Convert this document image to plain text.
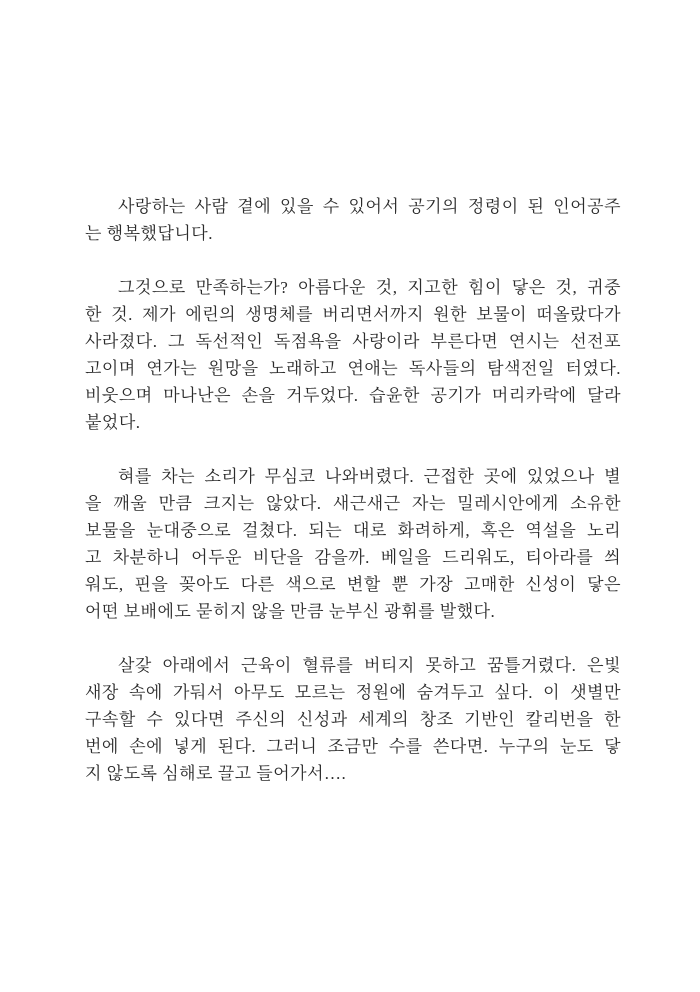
사랑하는 사람 곁에 있을 수 있어서 공기의 정령이 된 인어공주
는 행복했답니다.
그것으로 만족하는가? 아름다운 것, 지고한 힘이 닿은 것, 귀중
한 것. 제가 에린의 생명체를 버리면서까지 원한 보물이 떠올랐다가
사라졌다. 그 독선적인 독점욕을 사랑이라 부른다면 연시는 선전포
고이며 연가는 원망을 노래하고 연애는 독사들의 탐색전일 터였다.
비웃으며 마나난은 손을 거두었다. 습윤한 공기가 머리카락에 달라
붙었다.
혀를 차는 소리가 무심코 나와버렸다. 근접한 곳에 있었으나 별
을 깨울 만큼 크지는 않았다. 새근새근 자는 밀레시안에게 소유한
보물을 눈대중으로 걸쳤다. 되는 대로 화려하게, 혹은 역설을 노리
고 차분하니 어두운 비단을 감을까. 베일을 드리워도, 티아라를 씌
워도, 핀을 꽂아도 다른 색으로 변할 뿐 가장 고매한 신성이 닿은
어떤 보배에도 묻히지 않을 만큼 눈부신 광휘를 발했다.
살갗 아래에서 근육이 혈류를 버티지 못하고 꿈틀거렸다. 은빛
새장 속에 가둬서 아무도 모르는 정원에 숨겨두고 싶다. 이 샛별만
구속할 수 있다면 주신의 신성과 세계의 창조 기반인 칼리번을 한
번에 손에 넣게 된다. 그러니 조금만 수를 쓴다면. 누구의 눈도 닿
지 않도록 심해로 끌고 들어가서….
